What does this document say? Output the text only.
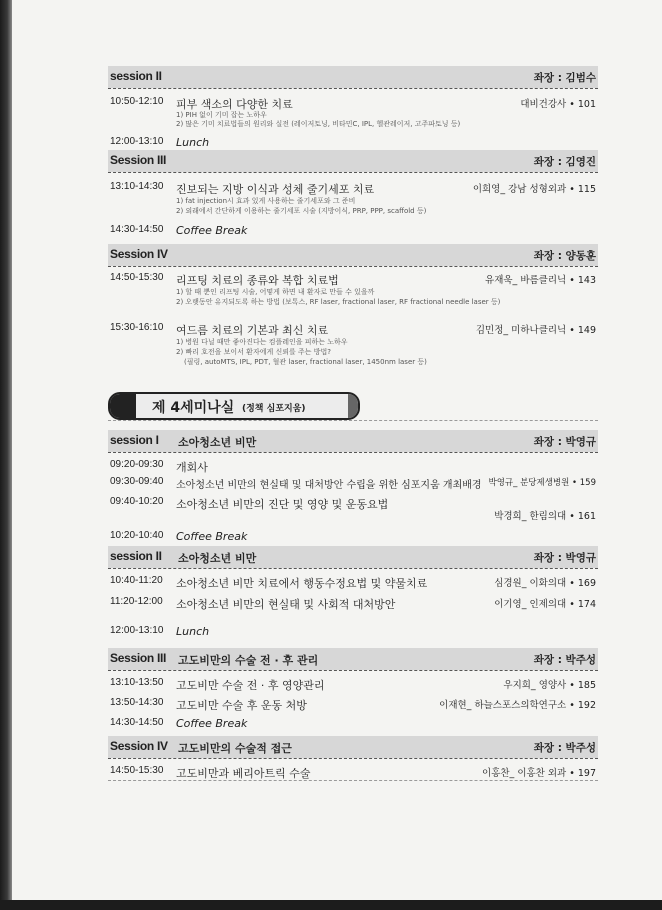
session II	좌장 : 김범수
10:50-12:10 피부 색소의 다양한 치료	대비건강사 • 101
1) PIH 없이 기미 잡는 노하우
2) 많은 기미 치료법들의 원리와 실전 (레이저토닝, 비타민C, IPL, 헬관레이저, 고주파토닝 등)
12:00-13:10 Lunch
Session III	좌장 : 김영진
13:10-14:30 진보되는 지방 이식과 성체 줄기세포 치료	이희영_ 강남 성형외과 • 115
1) fat injection시 효과 있게 사용하는 줄기세포와 그 준비
2) 외래에서 간단하게 이용하는 줄기세포 시술 (지방이식, PRP, PPP, scaffold 등)
14:30-14:50 Coffee Break
Session IV	좌장 : 양동훈
14:50-15:30 리프팅 치료의 종류와 복합 치료법	유재욱_ 바름클리닉 • 143
1) 할 때 뿐인 리프팅 시술, 어떻게 하면 내 환자로 만들 수 있을까
2) 오랫동안 유지되도록 하는 방법 (보톡스, RF laser, fractional laser, RF fractional needle laser 등)
15:30-16:10 여드름 치료의 기본과 최신 치료	김민정_ 미하나클리닉 • 149
1) 병원 다닐 때만 좋아진다는 컴플레인을 피하는 노하우
2) 빠리 호전을 보이서 환자에게 신뢰를 주는 방법?
(필링, autoMTS, IPL, PDT, 혈관 laser, fractional laser, 1450nm laser 등)
session I 소아청소년 비만	좌장 : 박영규
09:20-09:30 개회사
09:30-09:40 소아청소년 비만의 현실태 및 대처방안 수립을 위한 심포지움 개최배경 박영규_ 분당제생병원 • 159
09:40-10:20 소아청소년 비만의 진단 및 영양 및 운동요법
박경희_ 한림의대 • 161
10:20-10:40 Coffee Break
session II 소아청소년 비만	좌장 : 박영규
10:40-11:20 소아청소년 비만 치료에서 행동수정요법 및 약물치료	심경원_ 이화의대 • 169
11:20-12:00 소아청소년 비만의 현실태 및 사회적 대처방안	이기영_ 인제의대 • 174
12:00-13:10 Lunch
Session III 고도비만의 수술 전 · 후 관리	좌장 : 박주성
13:10-13:50 고도비만 수술 전 · 후 영양관리	우지희_ 영양사 • 185
13:50-14:30 고도비만 수술 후 운동 처방	이재현_ 하늘스포스의학연구소 • 192
14:30-14:50 Coffee Break
Session IV 고도비만의 수술적 접근	좌장 : 박주성
14:50-15:30 고도비만과 베리아트릭 수술	이홍찬_ 이홍찬 외과 • 197
제 4세미나실 (정책 심포지움)
